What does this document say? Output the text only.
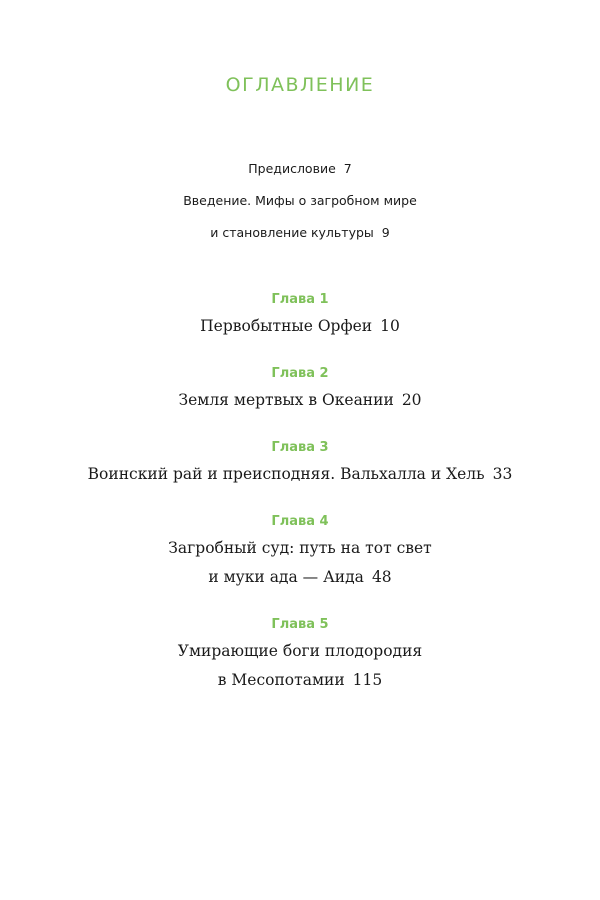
ОГЛАВЛЕНИЕ
Предисловие 7
Введение. Мифы о загробном мире
и становление культуры 9
Глава 1
Первобытные Орфеи 10
Глава 2
Земля мертвых в Океании 20
Глава 3
Воинский рай и преисподняя. Вальхалла и Хель 33
Глава 4
Загробный суд: путь на тот свет
и муки ада — Аида 48
Глава 5
Умирающие боги плодородия
в Месопотамии 115
